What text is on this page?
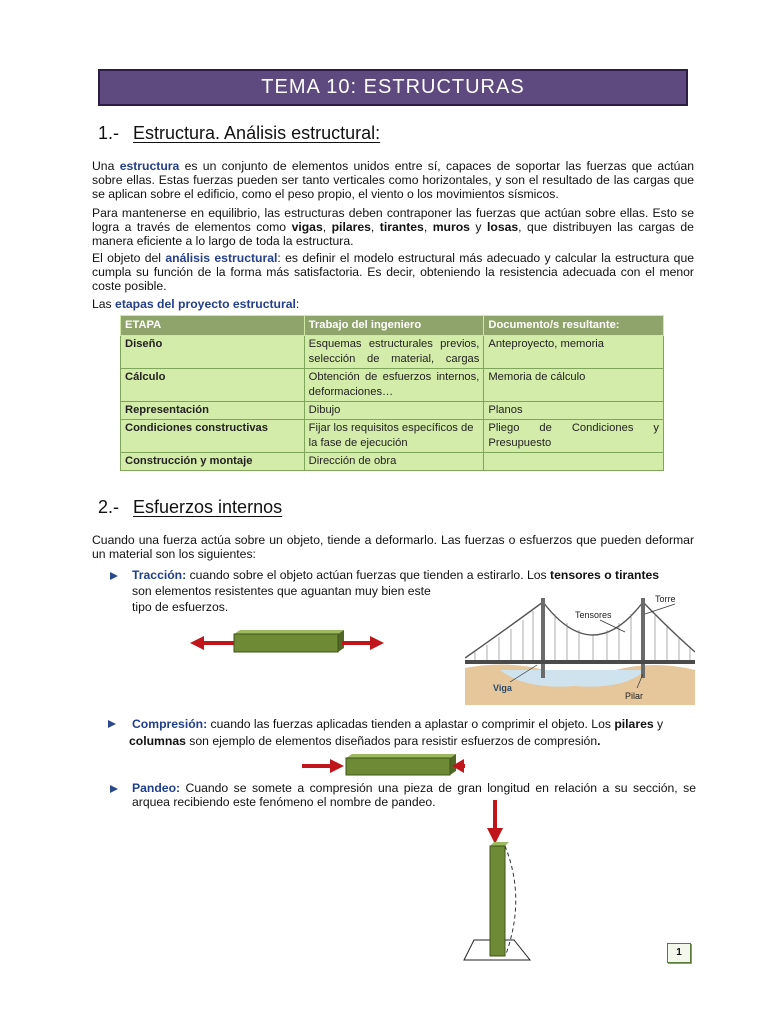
TEMA 10: ESTRUCTURAS
1.- Estructura. Análisis estructural:
Una estructura es un conjunto de elementos unidos entre sí, capaces de soportar las fuerzas que actúan sobre ellas. Estas fuerzas pueden ser tanto verticales como horizontales, y son el resultado de las cargas que se aplican sobre el edificio, como el peso propio, el viento o los movimientos sísmicos.
Para mantenerse en equilibrio, las estructuras deben contraponer las fuerzas que actúan sobre ellas. Esto se logra a través de elementos como vigas, pilares, tirantes, muros y losas, que distribuyen las cargas de manera eficiente a lo largo de toda la estructura.
El objeto del análisis estructural: es definir el modelo estructural más adecuado y calcular la estructura que cumpla su función de la forma más satisfactoria. Es decir, obteniendo la resistencia adecuada con el menor coste posible.
Las etapas del proyecto estructural:
ETAPA	Trabajo del ingeniero	Documento/s resultante:
Diseño	Esquemas estructurales previos, selección de material, cargas	Anteproyecto, memoria
Cálculo	Obtención de esfuerzos internos, deformaciones…	Memoria de cálculo
Representación	Dibujo	Planos
Condiciones constructivas	Fijar los requisitos específicos de la fase de ejecución	Pliego de Condiciones y Presupuesto
Construcción y montaje	Dirección de obra	
2.- Esfuerzos internos
Cuando una fuerza actúa sobre un objeto, tiende a deformarlo. Las fuerzas o esfuerzos que pueden deformar un material son los siguientes:
Tracción: cuando sobre el objeto actúan fuerzas que tienden a estirarlo. Los tensores o tirantes
son elementos resistentes que aguantan muy bien este
tipo de esfuerzos.
Torre
Tensores
Viga
Pilar
Compresión: cuando las fuerzas aplicadas tienden a aplastar o comprimir el objeto. Los pilares y
columnas son ejemplo de elementos diseñados para resistir esfuerzos de compresión.
Pandeo: Cuando se somete a compresión una pieza de gran longitud en relación a su sección, se arquea recibiendo este fenómeno el nombre de pandeo.
1
